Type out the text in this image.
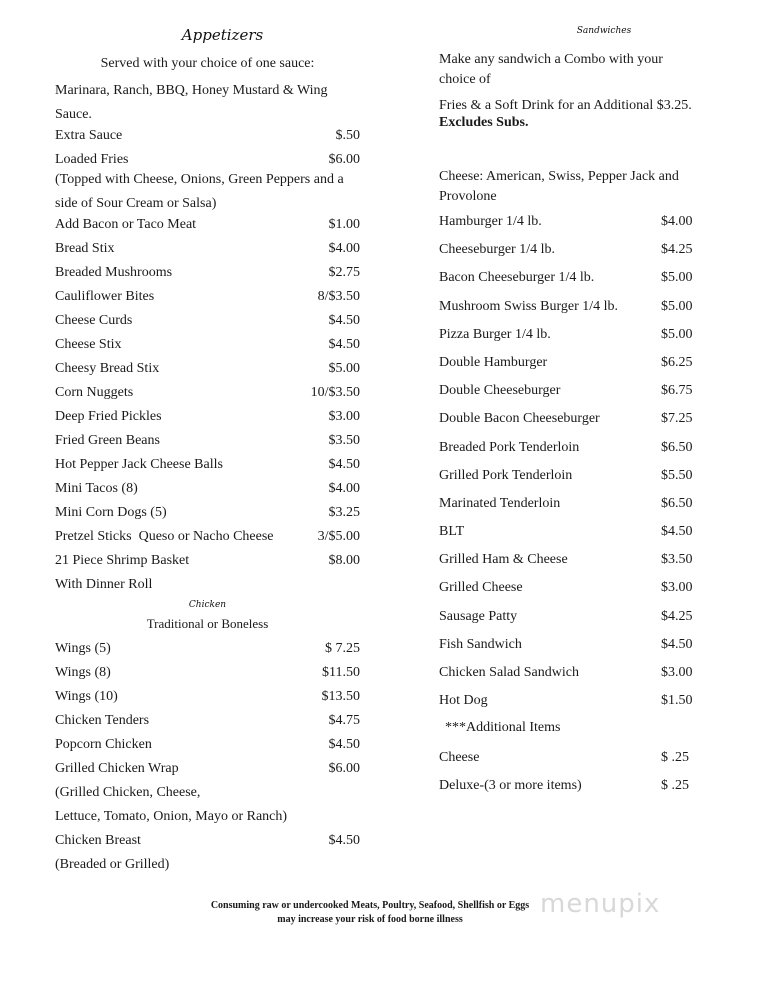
Appetizers
Served with your choice of one sauce:
Marinara, Ranch, BBQ, Honey Mustard & Wing Sauce.
Extra Sauce	$.50
Loaded Fries	$6.00
(Topped with Cheese, Onions, Green Peppers and a side of Sour Cream or Salsa)
Add Bacon or Taco Meat	$1.00
Bread Stix	$4.00
Breaded Mushrooms	$2.75
Cauliflower Bites	8/$3.50
Cheese Curds	$4.50
Cheese Stix	$4.50
Cheesy Bread Stix	$5.00
Corn Nuggets	10/$3.50
Deep Fried Pickles	$3.00
Fried Green Beans	$3.50
Hot Pepper Jack Cheese Balls	$4.50
Mini Tacos (8)	$4.00
Mini Corn Dogs (5)	$3.25
Pretzel Sticks  Queso or Nacho Cheese	3/$5.00
21 Piece Shrimp Basket	$8.00
With Dinner Roll
Chicken
Traditional or Boneless
Wings (5)	$ 7.25
Wings (8)	$11.50
Wings (10)	$13.50
Chicken Tenders	$4.75
Popcorn Chicken	$4.50
Grilled Chicken Wrap	$6.00
(Grilled Chicken, Cheese,
Lettuce, Tomato, Onion, Mayo or Ranch)
Chicken Breast	$4.50
(Breaded or Grilled)
Sandwiches
Make any sandwich a Combo with your choice of
Fries & a Soft Drink for an Additional $3.25.
Excludes Subs.
Cheese: American, Swiss, Pepper Jack and Provolone
Hamburger 1/4 lb.	$4.00
Cheeseburger 1/4 lb.	$4.25
Bacon Cheeseburger 1/4 lb.	$5.00
Mushroom Swiss Burger 1/4 lb.	$5.00
Pizza Burger 1/4 lb.	$5.00
Double Hamburger	$6.25
Double Cheeseburger	$6.75
Double Bacon Cheeseburger	$7.25
Breaded Pork Tenderloin	$6.50
Grilled Pork Tenderloin	$5.50
Marinated Tenderloin	$6.50
BLT	$4.50
Grilled Ham & Cheese	$3.50
Grilled Cheese	$3.00
Sausage Patty	$4.25
Fish Sandwich	$4.50
Chicken Salad Sandwich	$3.00
Hot Dog	$1.50
***Additional Items
Cheese	$ .25
Deluxe-(3 or more items)	$ .25
Consuming raw or undercooked Meats, Poultry, Seafood, Shellfish or Eggs
may increase your risk of food borne illness
menupix
